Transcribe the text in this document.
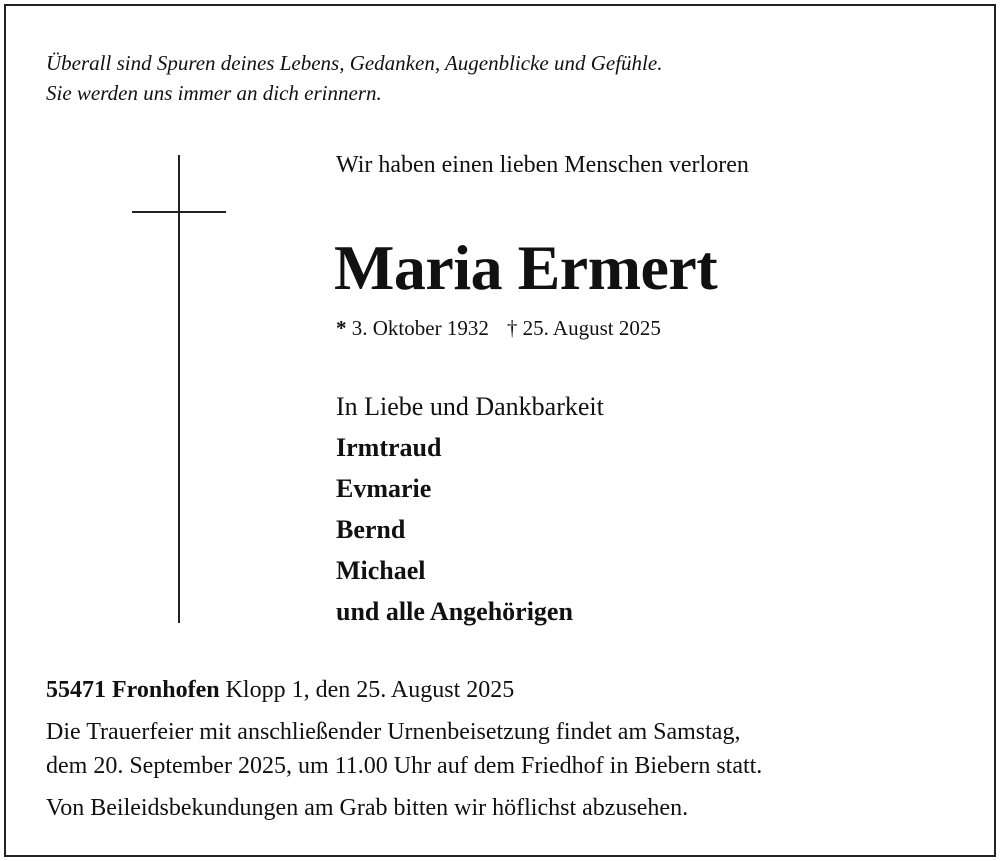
Überall sind Spuren deines Lebens, Gedanken, Augenblicke und Gefühle.
Sie werden uns immer an dich erinnern.
Wir haben einen lieben Menschen verloren
Maria Ermert
* 3. Oktober 1932 † 25. August 2025
In Liebe und Dankbarkeit
Irmtraud
Evmarie
Bernd
Michael
und alle Angehörigen
55471 Fronhofen Klopp 1, den 25. August 2025
Die Trauerfeier mit anschließender Urnenbeisetzung findet am Samstag,
dem 20. September 2025, um 11.00 Uhr auf dem Friedhof in Biebern statt.
Von Beileidsbekundungen am Grab bitten wir höflichst abzusehen.
